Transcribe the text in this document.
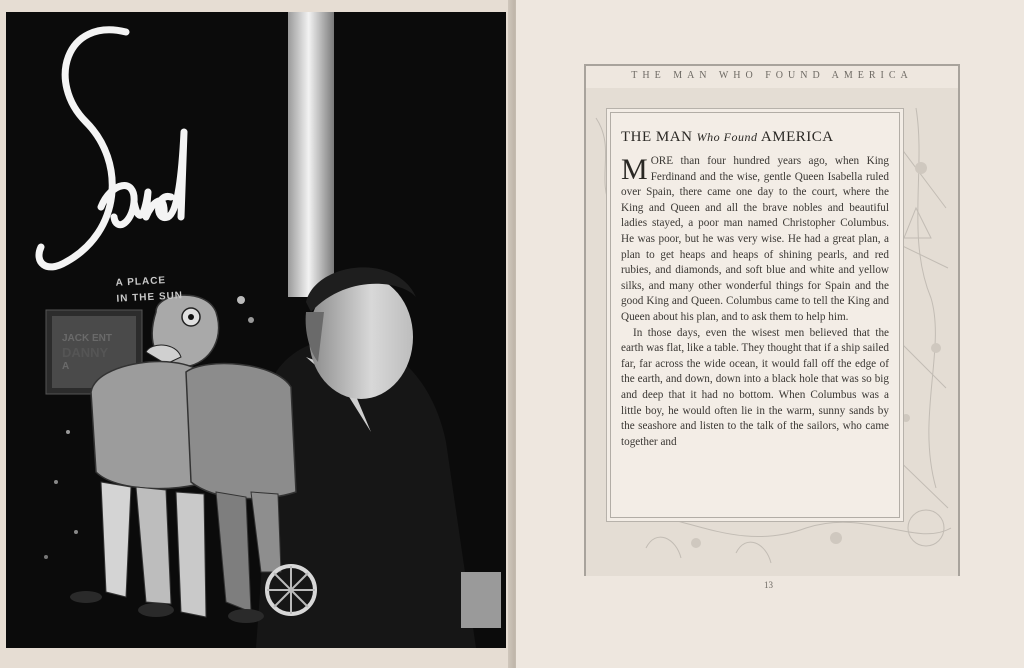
A PLACE
IN THE SUN
JACK ENT
DANNY
A
THE MAN WHO FOUND AMERICA
THE MAN Who Found AMERICA

MORE than four hundred years ago, when King Ferdinand and the wise, gentle Queen Isabella ruled over Spain, there came one day to the court, where the King and Queen and all the brave nobles and beautiful ladies stayed, a poor man named Christopher Columbus. He was poor, but he was very wise. He had a great plan, a plan to get heaps and heaps of shining pearls, and red rubies, and diamonds, and soft blue and white and yellow silks, and many other wonderful things for Spain and the good King and Queen. Columbus came to tell the King and Queen about his plan, and to ask them to help him.

In those days, even the wisest men believed that the earth was flat, like a table. They thought that if a ship sailed far, far across the wide ocean, it would fall off the edge of the earth, and down, down into a black hole that was so big and deep that it had no bottom. When Columbus was a little boy, he would often lie in the warm, sunny sands by the seashore and listen to the talk of the sailors, who came together and

13
